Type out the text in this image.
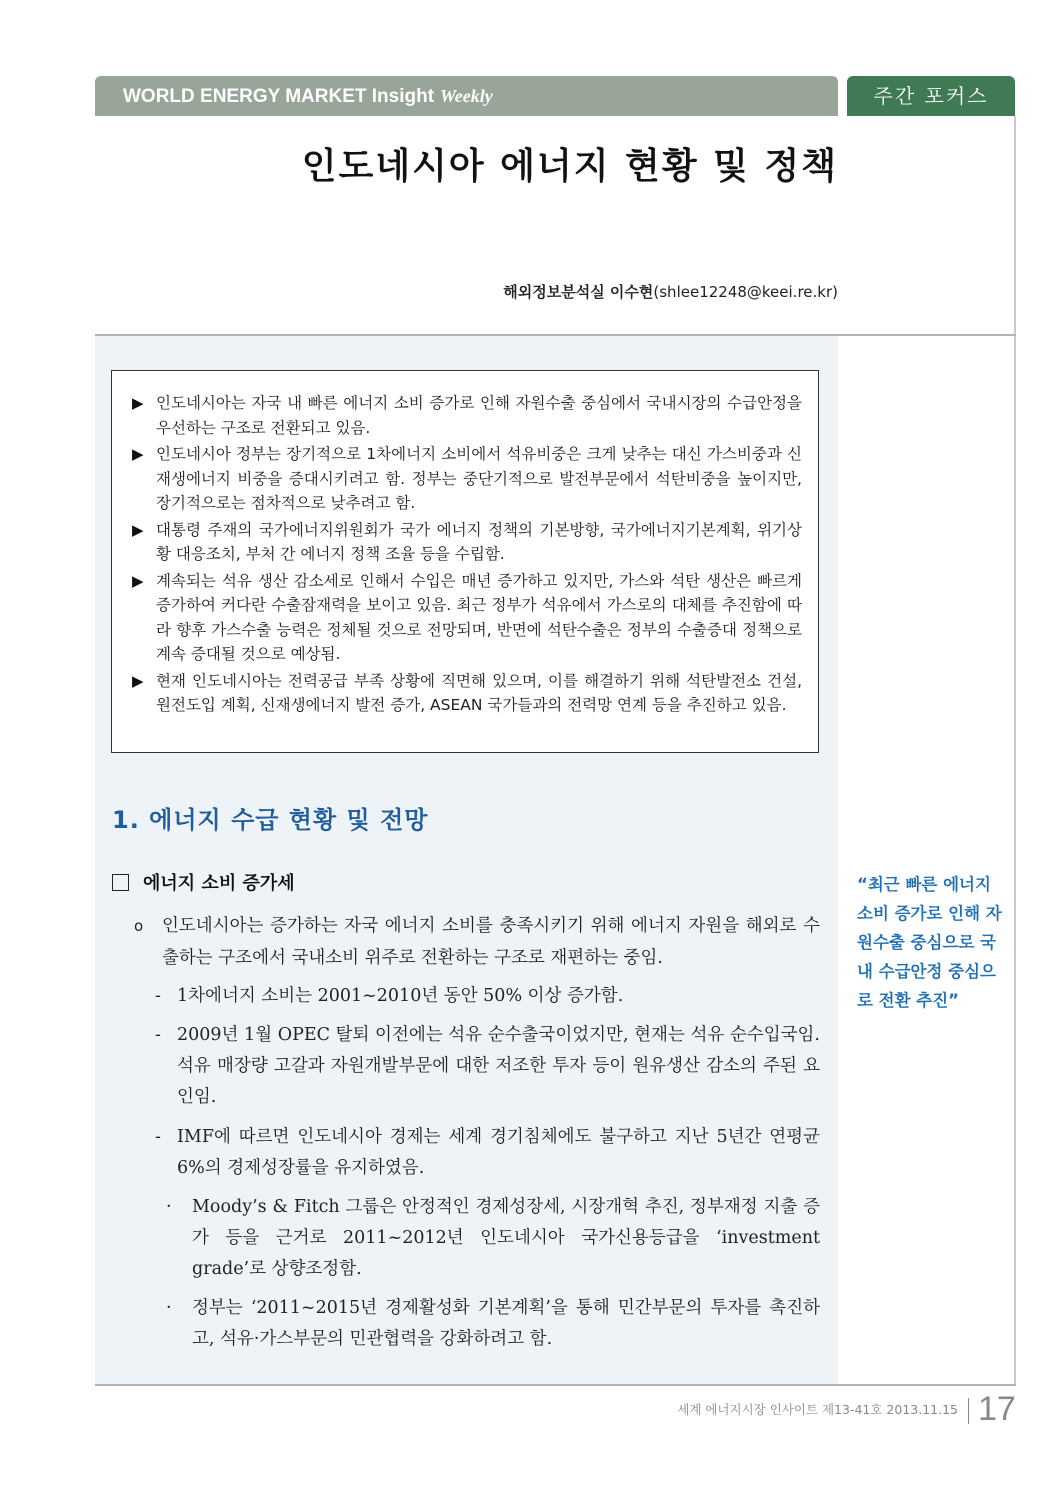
WORLD ENERGY MARKET Insight Weekly	주간 포커스
인도네시아 에너지 현황 및 정책
해외정보분석실 이수현(shlee12248@keei.re.kr)
▶ 인도네시아는 자국 내 빠른 에너지 소비 증가로 인해 자원수출 중심에서 국내시장의 수급안정을 우선하는 구조로 전환되고 있음.
▶ 인도네시아 정부는 장기적으로 1차에너지 소비에서 석유비중은 크게 낮추는 대신 가스비중과 신재생에너지 비중을 증대시키려고 함. 정부는 중단기적으로 발전부문에서 석탄비중을 높이지만, 장기적으로는 점차적으로 낮추려고 함.
▶ 대통령 주재의 국가에너지위원회가 국가 에너지 정책의 기본방향, 국가에너지기본계획, 위기상황 대응조치, 부처 간 에너지 정책 조율 등을 수립함.
▶ 계속되는 석유 생산 감소세로 인해서 수입은 매년 증가하고 있지만, 가스와 석탄 생산은 빠르게 증가하여 커다란 수출잠재력을 보이고 있음. 최근 정부가 석유에서 가스로의 대체를 추진함에 따라 향후 가스수출 능력은 정체될 것으로 전망되며, 반면에 석탄수출은 정부의 수출증대 정책으로 계속 증대될 것으로 예상됨.
▶ 현재 인도네시아는 전력공급 부족 상황에 직면해 있으며, 이를 해결하기 위해 석탄발전소 건설, 원전도입 계획, 신재생에너지 발전 증가, ASEAN 국가들과의 전력망 연계 등을 추진하고 있음.
1. 에너지 수급 현황 및 전망
에너지 소비 증가세
o 인도네시아는 증가하는 자국 에너지 소비를 충족시키기 위해 에너지 자원을 해외로 수출하는 구조에서 국내소비 위주로 전환하는 구조로 재편하는 중임.
- 1차에너지 소비는 2001~2010년 동안 50% 이상 증가함.
- 2009년 1월 OPEC 탈퇴 이전에는 석유 순수출국이었지만, 현재는 석유 순수입국임. 석유 매장량 고갈과 자원개발부문에 대한 저조한 투자 등이 원유생산 감소의 주된 요인임.
- IMF에 따르면 인도네시아 경제는 세계 경기침체에도 불구하고 지난 5년간 연평균 6%의 경제성장률을 유지하였음.
· Moody’s & Fitch 그룹은 안정적인 경제성장세, 시장개혁 추진, 정부재정 지출 증가 등을 근거로 2011~2012년 인도네시아 국가신용등급을 ‘investment grade’로 상향조정함.
· 정부는 ‘2011~2015년 경제활성화 기본계획’을 통해 민간부문의 투자를 촉진하고, 석유·가스부문의 민관협력을 강화하려고 함.
“최근 빠른 에너지 소비 증가로 인해 자원수출 중심으로 국내 수급안정 중심으로 전환 추진”
세계 에너지시장 인사이트 제13-41호 2013.11.15 17
